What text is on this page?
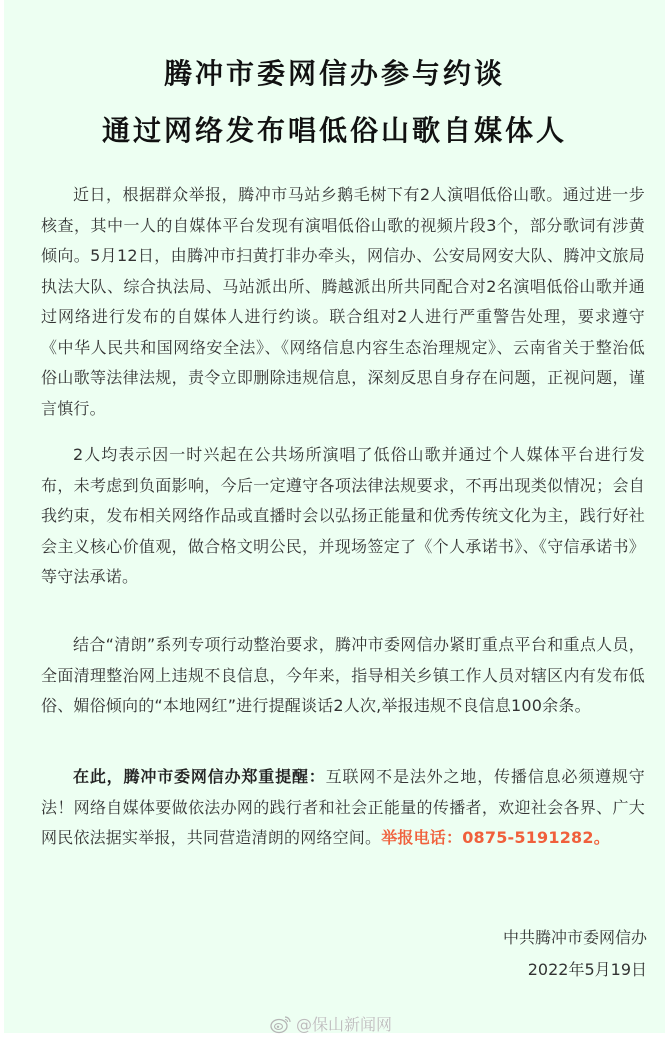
腾冲市委网信办参与约谈
通过网络发布唱低俗山歌自媒体人

近日，根据群众举报，腾冲市马站乡鹅毛树下有2人演唱低俗山歌。通过进一步核查，其中一人的自媒体平台发现有演唱低俗山歌的视频片段3个，部分歌词有涉黄倾向。5月12日，由腾冲市扫黄打非办牵头，网信办、公安局网安大队、腾冲文旅局执法大队、综合执法局、马站派出所、腾越派出所共同配合对2名演唱低俗山歌并通过网络进行发布的自媒体人进行约谈。联合组对2人进行严重警告处理，要求遵守《中华人民共和国网络安全法》、《网络信息内容生态治理规定》、云南省关于整治低俗山歌等法律法规，责令立即删除违规信息，深刻反思自身存在问题，正视问题，谨言慎行。

2人均表示因一时兴起在公共场所演唱了低俗山歌并通过个人媒体平台进行发布，未考虑到负面影响，今后一定遵守各项法律法规要求，不再出现类似情况；会自我约束，发布相关网络作品或直播时会以弘扬正能量和优秀传统文化为主，践行好社会主义核心价值观，做合格文明公民，并现场签定了《个人承诺书》、《守信承诺书》等守法承诺。

结合“清朗”系列专项行动整治要求，腾冲市委网信办紧盯重点平台和重点人员，全面清理整治网上违规不良信息，今年来，指导相关乡镇工作人员对辖区内有发布低俗、媚俗倾向的“本地网红”进行提醒谈话2人次,举报违规不良信息100余条。

在此，腾冲市委网信办郑重提醒：互联网不是法外之地，传播信息必须遵规守法！网络自媒体要做依法办网的践行者和社会正能量的传播者，欢迎社会各界、广大网民依法据实举报，共同营造清朗的网络空间。举报电话：0875-5191282。

中共腾冲市委网信办
2022年5月19日
@保山新闻网
